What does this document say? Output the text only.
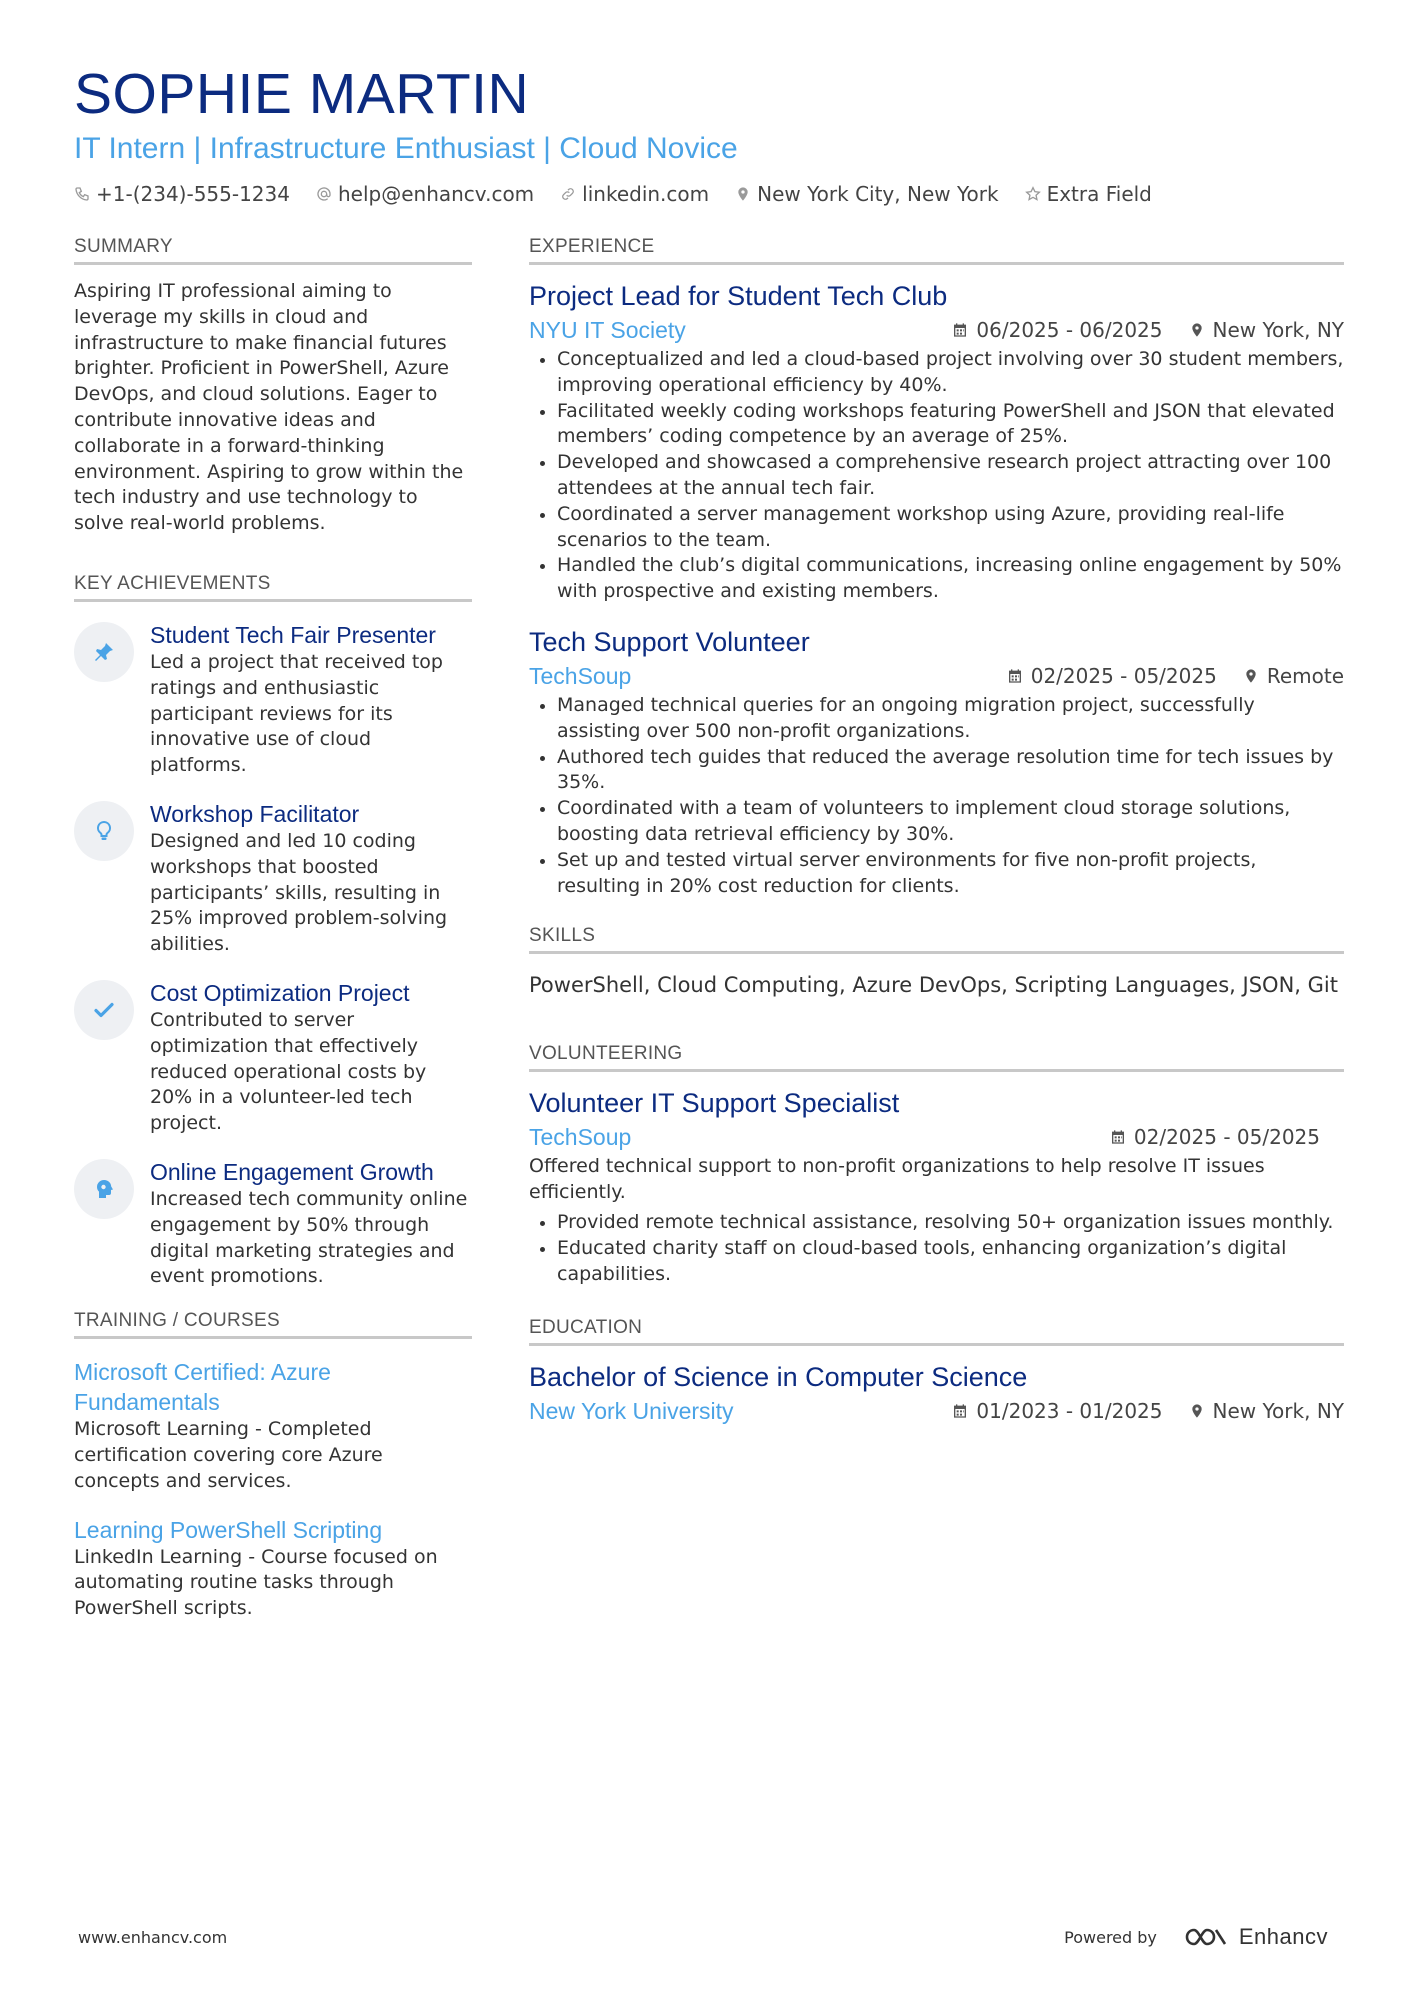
SOPHIE MARTIN
IT Intern | Infrastructure Enthusiast | Cloud Novice
+1-(234)-555-1234 help@enhancv.com linkedin.com New York City, New York Extra Field
SUMMARY
Aspiring IT professional aiming to leverage my skills in cloud and infrastructure to make financial futures brighter. Proficient in PowerShell, Azure DevOps, and cloud solutions. Eager to contribute innovative ideas and collaborate in a forward-thinking environment. Aspiring to grow within the tech industry and use technology to solve real-world problems.
KEY ACHIEVEMENTS
Student Tech Fair Presenter
Led a project that received top ratings and enthusiastic participant reviews for its innovative use of cloud platforms.
Workshop Facilitator
Designed and led 10 coding workshops that boosted participants’ skills, resulting in 25% improved problem-solving abilities.
Cost Optimization Project
Contributed to server optimization that effectively reduced operational costs by 20% in a volunteer-led tech project.
Online Engagement Growth
Increased tech community online engagement by 50% through digital marketing strategies and event promotions.
TRAINING / COURSES
Microsoft Certified: Azure Fundamentals
Microsoft Learning - Completed certification covering core Azure concepts and services.
Learning PowerShell Scripting
LinkedIn Learning - Course focused on automating routine tasks through PowerShell scripts.
EXPERIENCE
Project Lead for Student Tech Club
NYU IT Society	06/2025 - 06/2025	New York, NY
Conceptualized and led a cloud-based project involving over 30 student members, improving operational efficiency by 40%.
Facilitated weekly coding workshops featuring PowerShell and JSON that elevated members’ coding competence by an average of 25%.
Developed and showcased a comprehensive research project attracting over 100 attendees at the annual tech fair.
Coordinated a server management workshop using Azure, providing real-life scenarios to the team.
Handled the club’s digital communications, increasing online engagement by 50% with prospective and existing members.
Tech Support Volunteer
TechSoup	02/2025 - 05/2025	Remote
Managed technical queries for an ongoing migration project, successfully assisting over 500 non-profit organizations.
Authored tech guides that reduced the average resolution time for tech issues by 35%.
Coordinated with a team of volunteers to implement cloud storage solutions, boosting data retrieval efficiency by 30%.
Set up and tested virtual server environments for five non-profit projects, resulting in 20% cost reduction for clients.
SKILLS
PowerShell, Cloud Computing, Azure DevOps, Scripting Languages, JSON, Git
VOLUNTEERING
Volunteer IT Support Specialist
TechSoup	02/2025 - 05/2025
Offered technical support to non-profit organizations to help resolve IT issues efficiently.
Provided remote technical assistance, resolving 50+ organization issues monthly.
Educated charity staff on cloud-based tools, enhancing organization’s digital capabilities.
EDUCATION
Bachelor of Science in Computer Science
New York University	01/2023 - 01/2025	New York, NY
www.enhancv.com	Powered by	Enhancv
